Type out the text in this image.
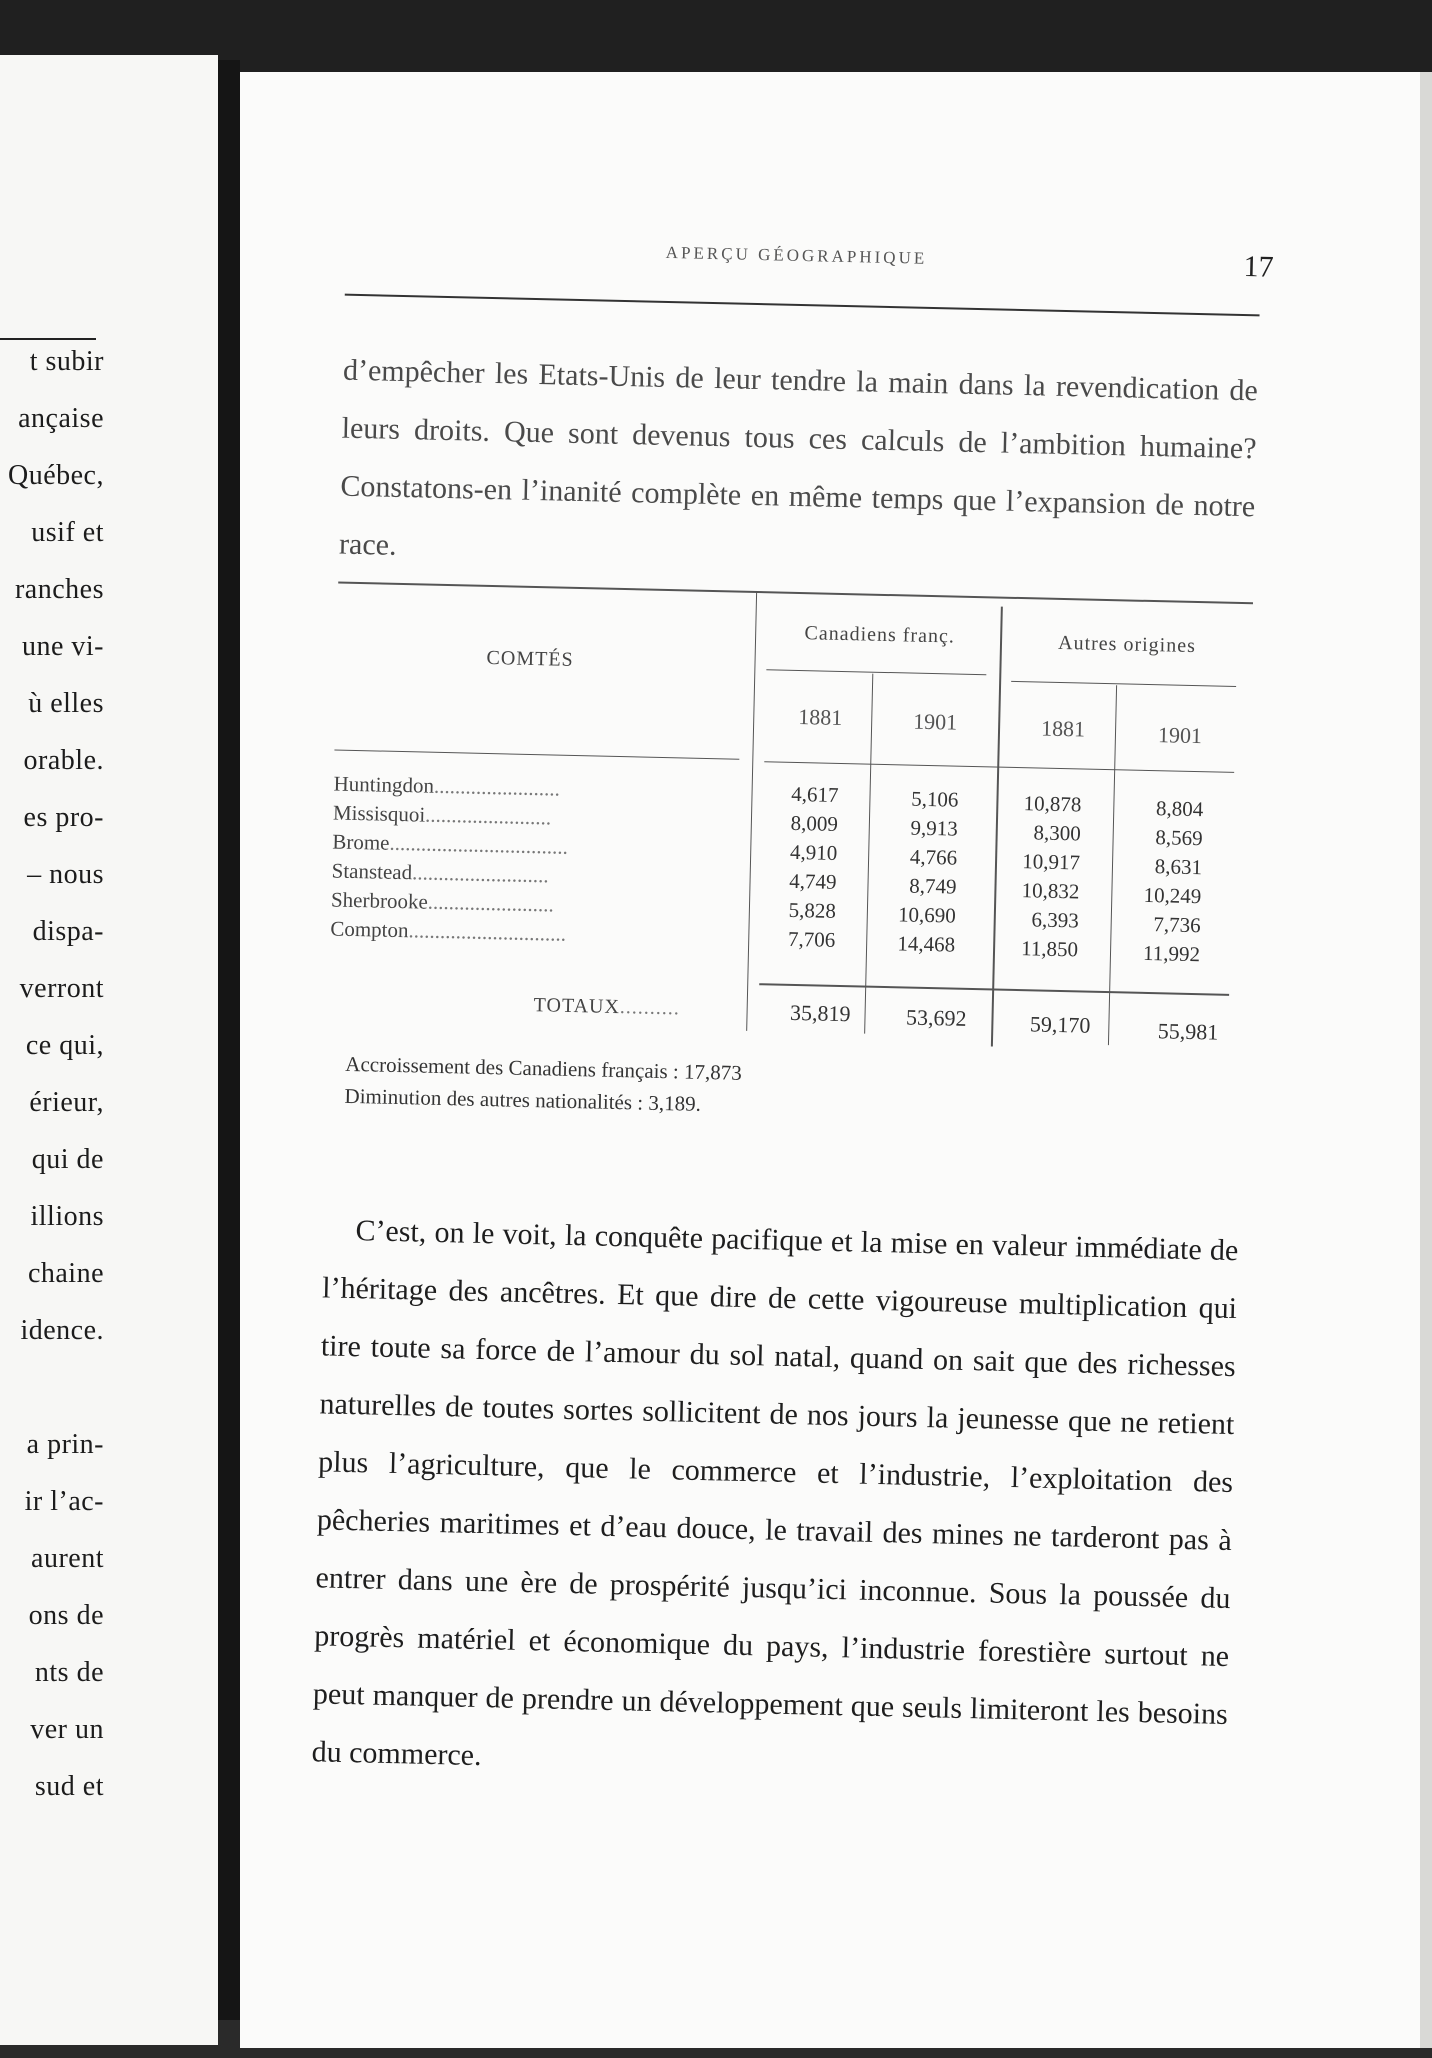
t subir
ançaise
Québec,
usif et
ranches
une vi-
ù elles
orable.
es pro-
– nous
dispa-
verront
ce qui,
érieur,
qui de
illions
chaine
idence.
a prin-
ir l’ac-
aurent
ons de
nts de
ver un
sud et
APERÇU GÉOGRAPHIQUE	17

d’empêcher les Etats-Unis de leur tendre la main dans la revendication de leurs droits. Que sont devenus tous ces calculs de l’ambition humaine? Constatons-en l’inanité complète en même temps que l’expansion de notre race.

COMTÉS
Canadiens franç.	Autres origines
1881	1901	1881	1901
Huntingdon........................	4,617	5,106	10,878	8,804
Missisquoi........................	8,009	9,913	8,300	8,569
Brome..................................	4,910	4,766	10,917	8,631
Stanstead..........................	4,749	8,749	10,832	10,249
Sherbrooke........................	5,828	10,690	6,393	7,736
Compton..............................	7,706	14,468	11,850	11,992
TOTAUX..........	35,819	53,692	59,170	55,981
Accroissement des Canadiens français : 17,873
Diminution des autres nationalités : 3,189.

C’est, on le voit, la conquête pacifique et la mise en valeur immédiate de l’héritage des ancêtres. Et que dire de cette vigoureuse multiplication qui tire toute sa force de l’amour du sol natal, quand on sait que des richesses naturelles de toutes sortes sollicitent de nos jours la jeunesse que ne retient plus l’agriculture, que le commerce et l’industrie, l’exploitation des pêcheries maritimes et d’eau douce, le travail des mines ne tarderont pas à entrer dans une ère de prospérité jusqu’ici inconnue. Sous la poussée du progrès matériel et économique du pays, l’industrie forestière surtout ne peut manquer de prendre un développement que seuls limiteront les besoins du commerce.
